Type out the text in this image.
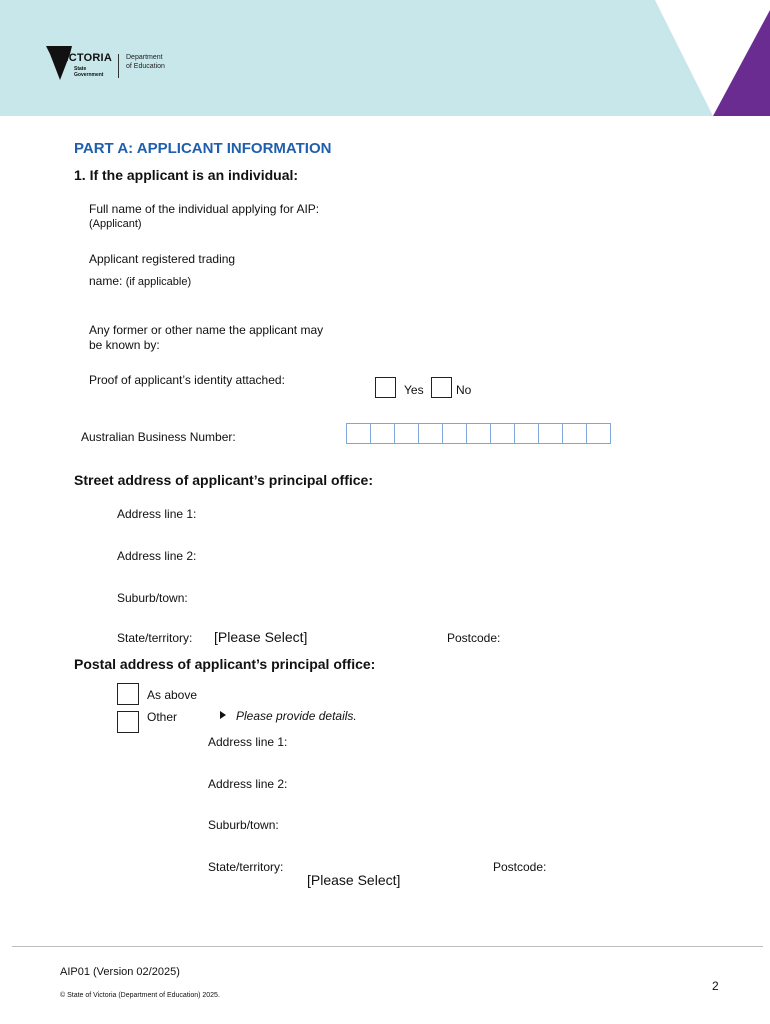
VICTORIA
State
Government
Department
of Education
PART A: APPLICANT INFORMATION
1. If the applicant is an individual:
Full name of the individual applying for AIP:
(Applicant)
Applicant registered trading
name: (if applicable)
Any former or other name the applicant may
be known by:
Proof of applicant’s identity attached:
Yes	No
Australian Business Number:
Street address of applicant’s principal office:
Address line 1:
Address line 2:
Suburb/town:
State/territory: [Please Select]	Postcode:
Postal address of applicant’s principal office:
As above
Other	Please provide details.
Address line 1:
Address line 2:
Suburb/town:
State/territory:
[Please Select]
Postcode:
AIP01 (Version 02/2025)
© State of Victoria (Department of Education) 2025.
2
